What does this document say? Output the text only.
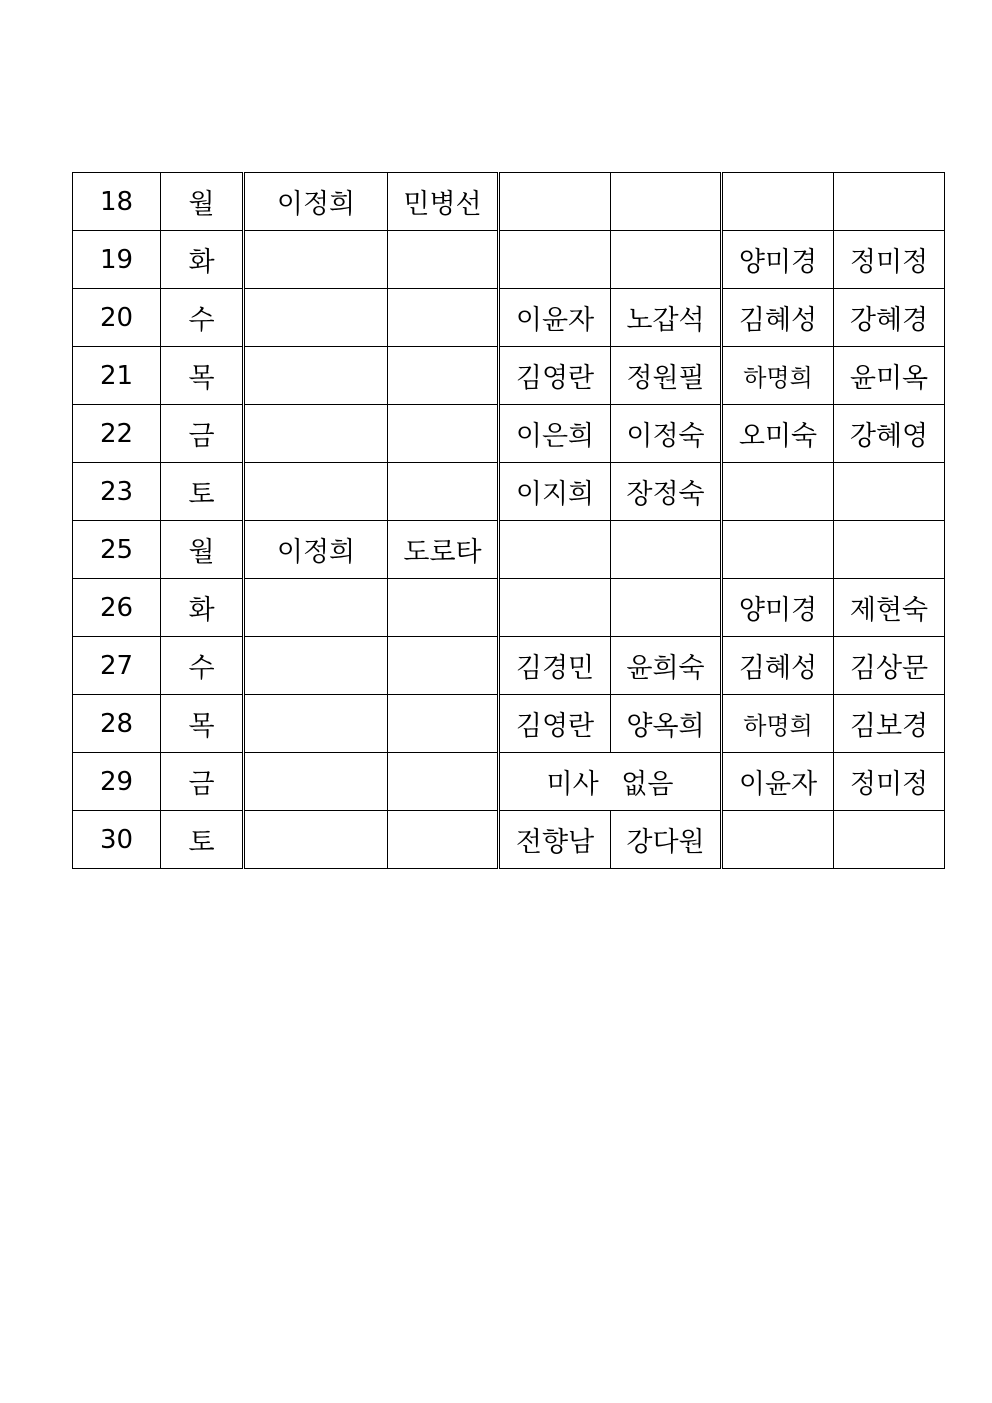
18	월	이정희	민병선				
19	화					양미경	정미정
20	수			이윤자	노갑석	김혜성	강혜경
21	목			김영란	정원필	하명희	윤미옥
22	금			이은희	이정숙	오미숙	강혜영
23	토			이지희	장정숙		
25	월	이정희	도로타				
26	화					양미경	제현숙
27	수			김경민	윤희숙	김혜성	김상문
28	목			김영란	양옥희	하명희	김보경
29	금			미사 없음		이윤자	정미정
30	토			전향남	강다원		
